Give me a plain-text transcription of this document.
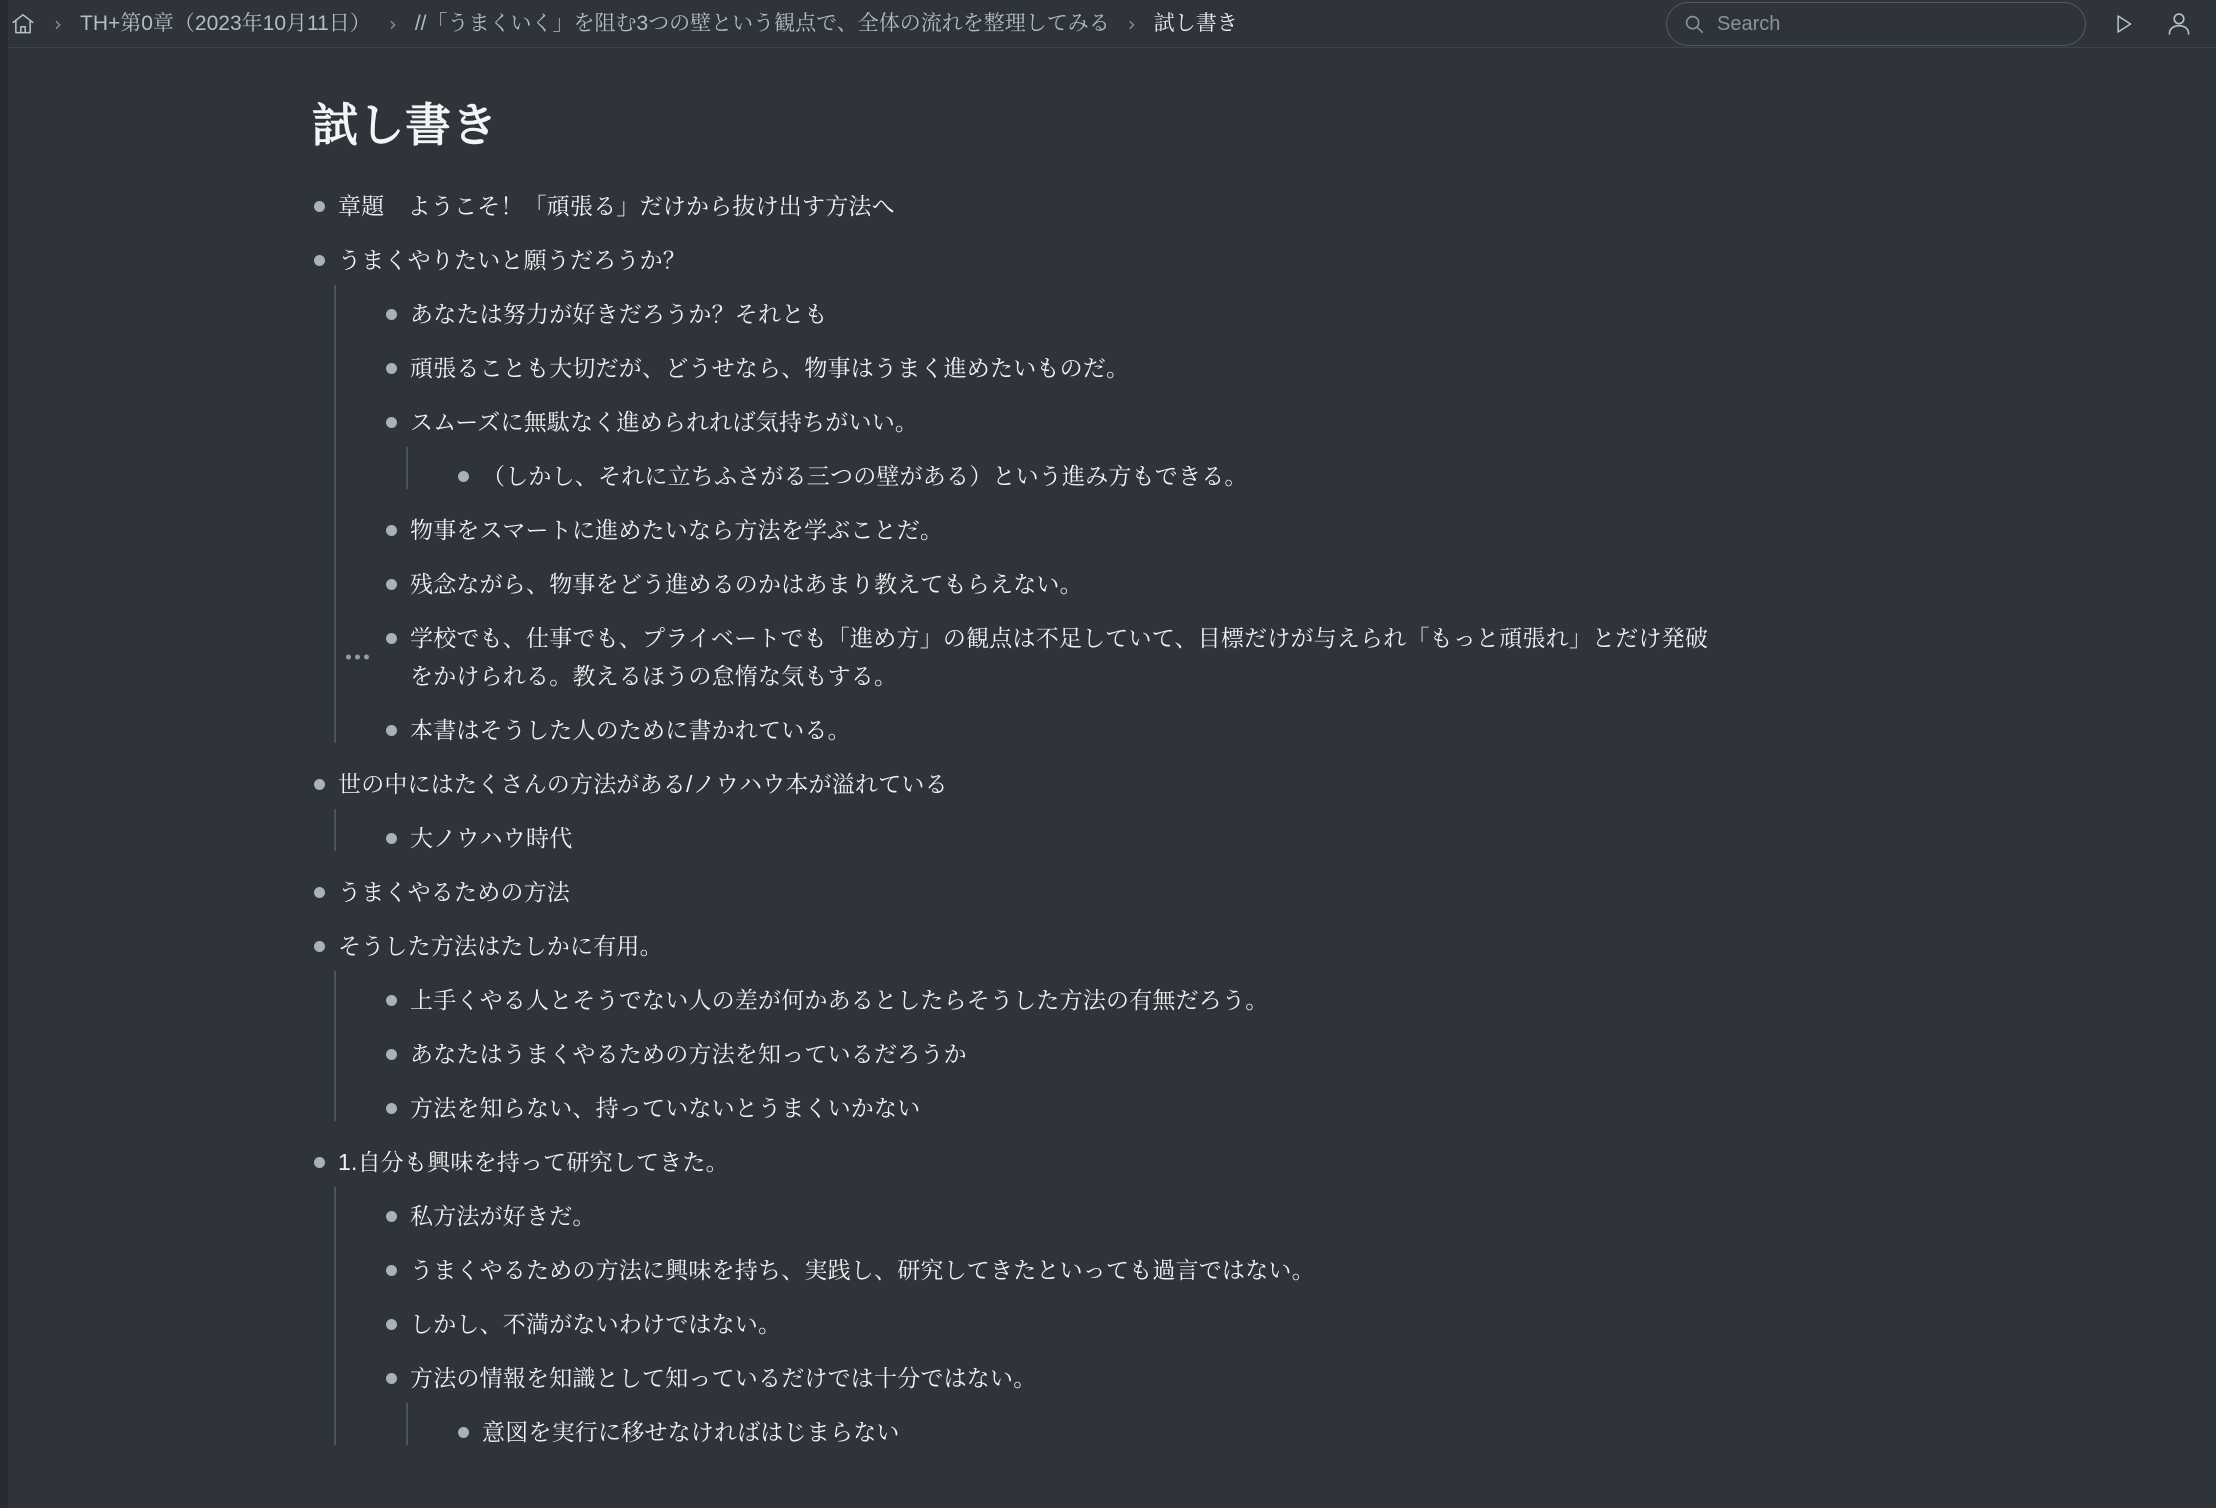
› TH+第0章（2023年10月11日） › //「うまくいく」を阻む3つの壁という観点で、全体の流れを整理してみる › 試し書き
Search
試し書き
章題　ようこそ！「頑張る」だけから抜け出す方法へ
うまくやりたいと願うだろうか？
あなたは努力が好きだろうか？それとも
頑張ることも大切だが、どうせなら、物事はうまく進めたいものだ。
スムーズに無駄なく進められれば気持ちがいい。
（しかし、それに立ちふさがる三つの壁がある）という進み方もできる。
物事をスマートに進めたいなら方法を学ぶことだ。
残念ながら、物事をどう進めるのかはあまり教えてもらえない。
学校でも、仕事でも、プライベートでも「進め方」の観点は不足していて、目標だけが与えられ「もっと頑張れ」とだけ発破をかけられる。教えるほうの怠惰な気もする。
本書はそうした人のために書かれている。
世の中にはたくさんの方法がある/ノウハウ本が溢れている
大ノウハウ時代
うまくやるための方法
そうした方法はたしかに有用。
上手くやる人とそうでない人の差が何かあるとしたらそうした方法の有無だろう。
あなたはうまくやるための方法を知っているだろうか
方法を知らない、持っていないとうまくいかない
1.自分も興味を持って研究してきた。
私方法が好きだ。
うまくやるための方法に興味を持ち、実践し、研究してきたといっても過言ではない。
しかし、不満がないわけではない。
方法の情報を知識として知っているだけでは十分ではない。
意図を実行に移せなければはじまらない
